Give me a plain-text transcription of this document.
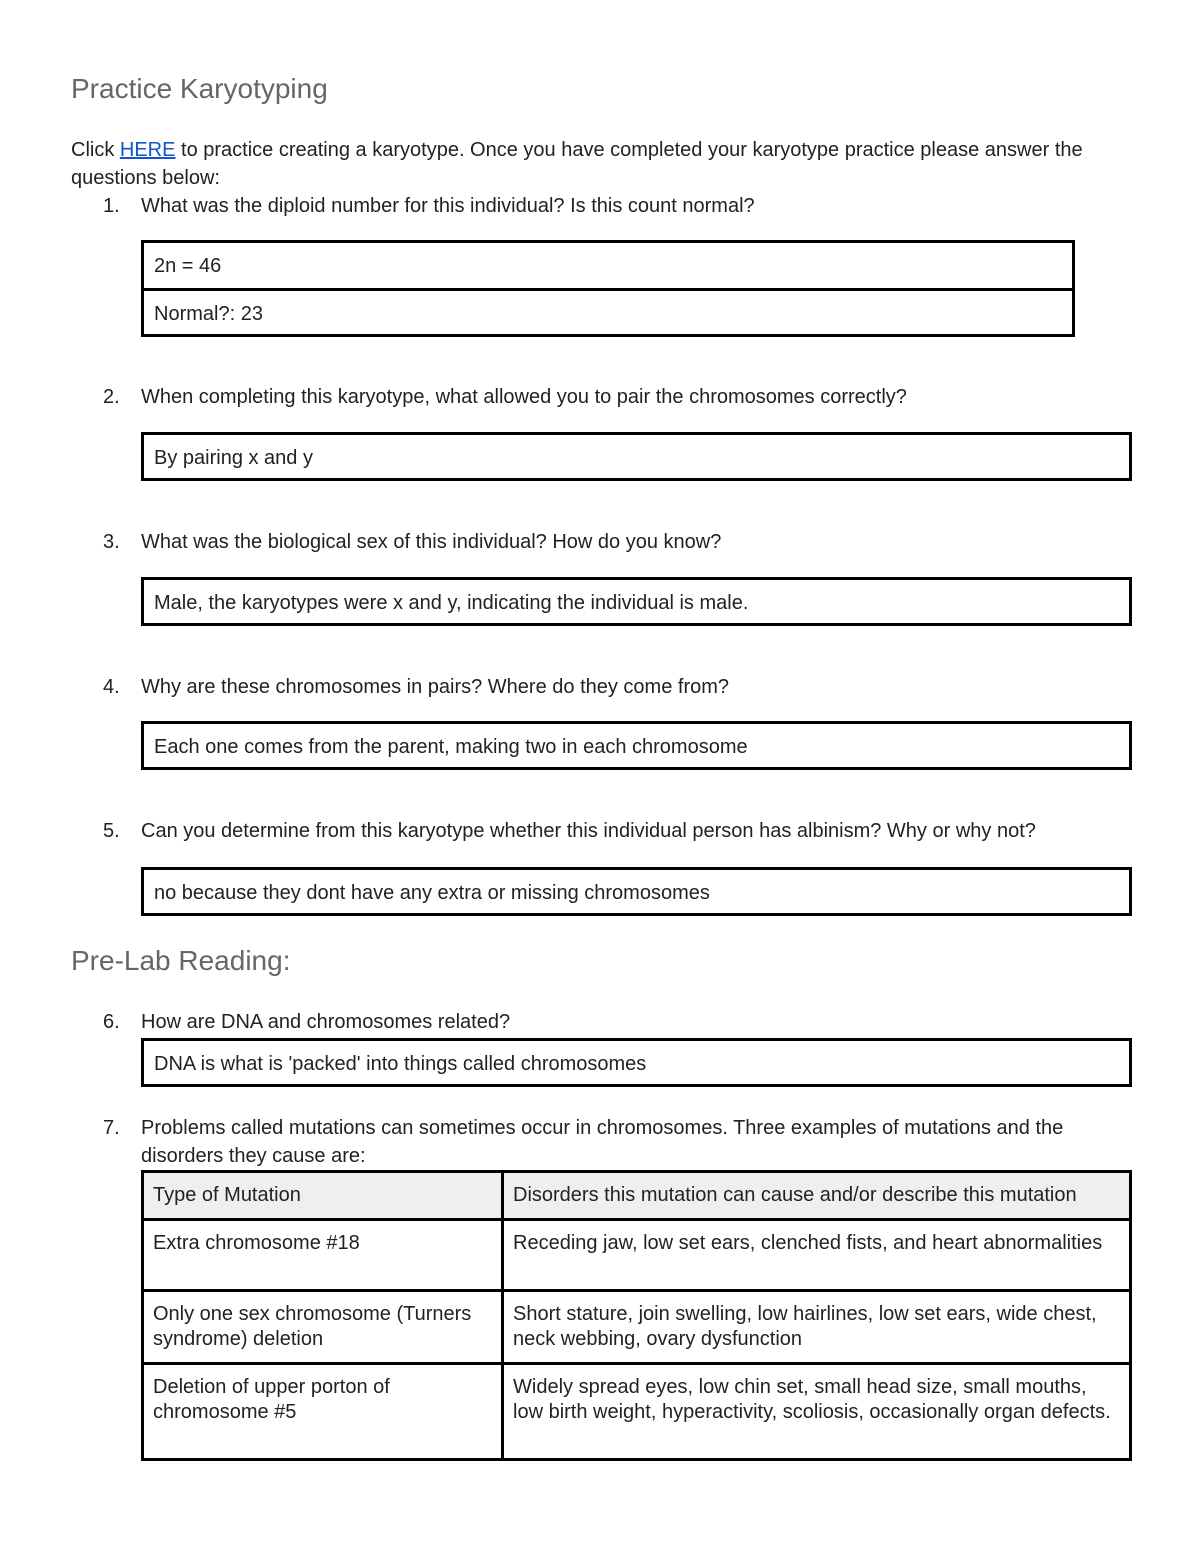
Practice Karyotyping
Click HERE to practice creating a karyotype. Once you have completed your karyotype practice please answer the questions below:
1. What was the diploid number for this individual? Is this count normal?
2n = 46
Normal?: 23
2. When completing this karyotype, what allowed you to pair the chromosomes correctly?
By pairing x and y
3. What was the biological sex of this individual? How do you know?
Male, the karyotypes were x and y, indicating the individual is male.
4. Why are these chromosomes in pairs? Where do they come from?
Each one comes from the parent, making two in each chromosome
5. Can you determine from this karyotype whether this individual person has albinism? Why or why not?
no because they dont have any extra or missing chromosomes
Pre-Lab Reading:
6. How are DNA and chromosomes related?
DNA is what is 'packed' into things called chromosomes
7. Problems called mutations can sometimes occur in chromosomes. Three examples of mutations and the disorders they cause are:
Type of Mutation	Disorders this mutation can cause and/or describe this mutation
Extra chromosome #18	Receding jaw, low set ears, clenched fists, and heart abnormalities
Only one sex chromosome (Turners syndrome) deletion	Short stature, join swelling, low hairlines, low set ears, wide chest, neck webbing, ovary dysfunction
Deletion of upper porton of chromosome #5	Widely spread eyes, low chin set, small head size, small mouths, low birth weight, hyperactivity, scoliosis, occasionally organ defects.
